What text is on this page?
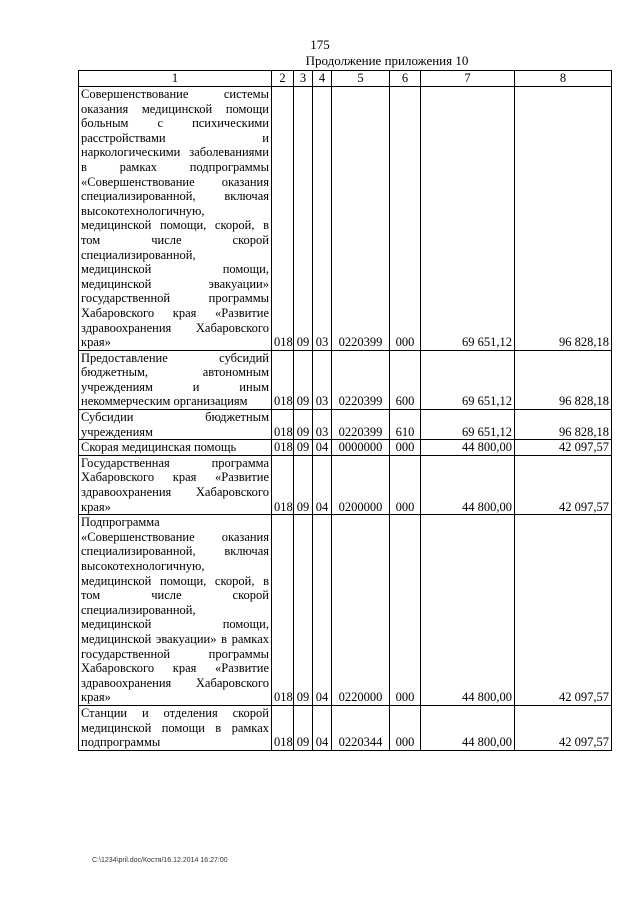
175
Продолжение приложения 10
1	2	3	4	5	6	7	8
Совершенствование системы оказания медицинской помощи больным с психическими расстройствами и наркологическими заболеваниями в рамках подпрограммы «Совершенствование оказания специализированной, включая высокотехнологичную, медицинской помощи, скорой, в том числе скорой специализированной, медицинской помощи, медицинской эвакуации» государственной программы Хабаровского края «Развитие здравоохранения Хабаровского края»	018	09	03	0220399	000	69 651,12	96 828,18
Предоставление субсидий бюджетным, автономным учреждениям и иным некоммерческим организациям	018	09	03	0220399	600	69 651,12	96 828,18
Субсидии бюджетным учреждениям	018	09	03	0220399	610	69 651,12	96 828,18
Скорая медицинская помощь	018	09	04	0000000	000	44 800,00	42 097,57
Государственная программа Хабаровского края «Развитие здравоохранения Хабаровского края»	018	09	04	0200000	000	44 800,00	42 097,57
Подпрограмма «Совершенствование оказания специализированной, включая высокотехнологичную, медицинской помощи, скорой, в том числе скорой специализированной, медицинской помощи, медицинской эвакуации» в рамках государственной программы Хабаровского края «Развитие здравоохранения Хабаровского края»	018	09	04	0220000	000	44 800,00	42 097,57
Станции и отделения скорой медицинской помощи в рамках подпрограммы	018	09	04	0220344	000	44 800,00	42 097,57
C:\1234\pril.doc/Костя/16.12.2014 16:27:00
